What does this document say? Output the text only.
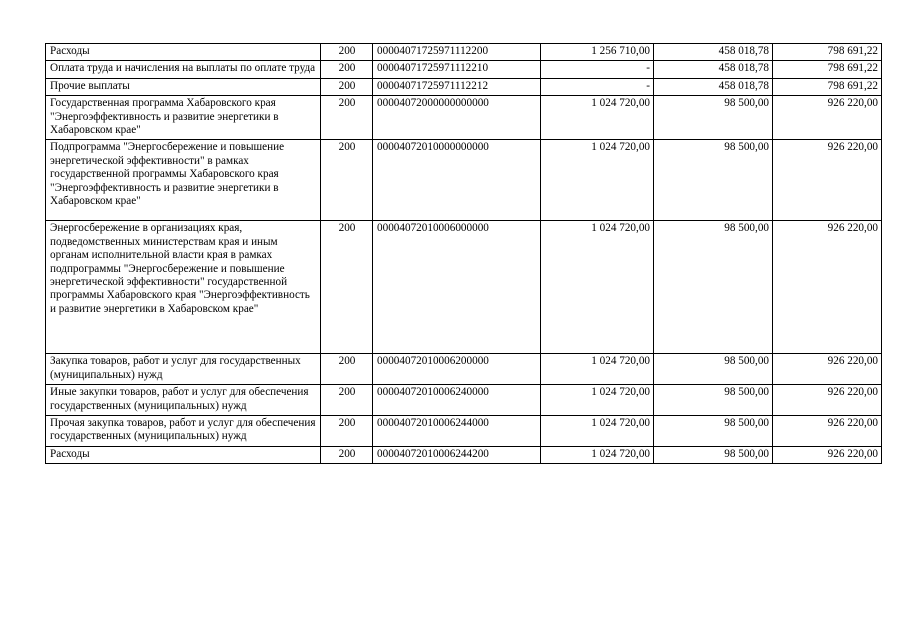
Расходы	200	00004071725971112200	1 256 710,00	458 018,78	798 691,22
Оплата труда и начисления на выплаты по оплате труда	200	00004071725971112210	-	458 018,78	798 691,22
Прочие выплаты	200	00004071725971112212	-	458 018,78	798 691,22
Государственная программа Хабаровского края "Энергоэффективность и развитие энергетики в Хабаровском крае"	200	00004072000000000000	1 024 720,00	98 500,00	926 220,00
Подпрограмма "Энергосбережение и повышение энергетической эффективности" в рамках государственной программы Хабаровского края "Энергоэффективность и развитие энергетики в Хабаровском крае"	200	00004072010000000000	1 024 720,00	98 500,00	926 220,00
Энергосбережение в организациях края, подведомственных министерствам края и иным органам исполнительной власти края в рамках подпрограммы "Энергосбережение и повышение энергетической эффективности" государственной программы Хабаровского края "Энергоэффективность и развитие энергетики в Хабаровском крае"	200	00004072010006000000	1 024 720,00	98 500,00	926 220,00
Закупка товаров, работ и услуг для государственных (муниципальных) нужд	200	00004072010006200000	1 024 720,00	98 500,00	926 220,00
Иные закупки товаров, работ и услуг для обеспечения государственных (муниципальных) нужд	200	00004072010006240000	1 024 720,00	98 500,00	926 220,00
Прочая закупка товаров, работ и услуг для обеспечения государственных (муниципальных) нужд	200	00004072010006244000	1 024 720,00	98 500,00	926 220,00
Расходы	200	00004072010006244200	1 024 720,00	98 500,00	926 220,00
